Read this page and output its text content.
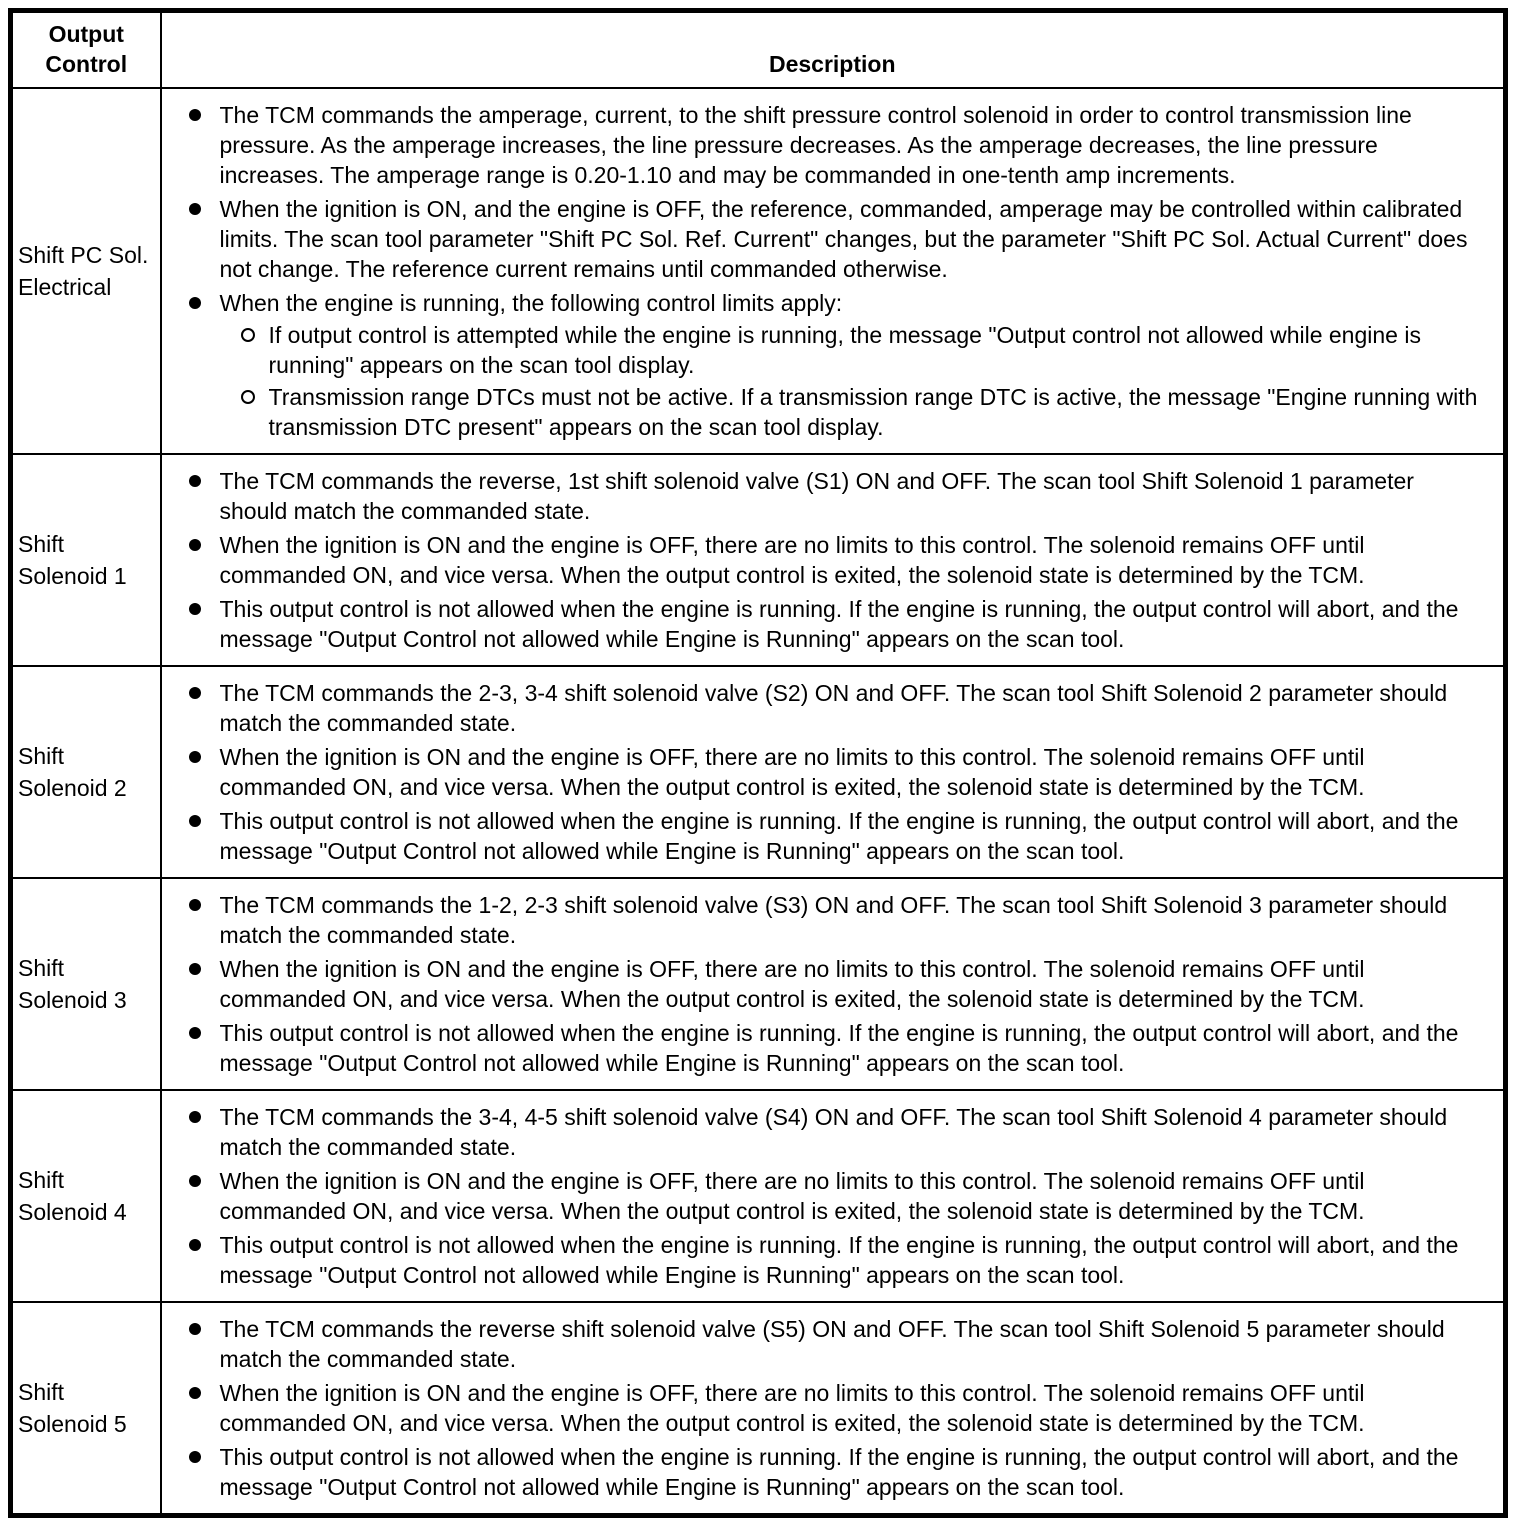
Output Control	Description
Shift PC Sol. Electrical	
The TCM commands the amperage, current, to the shift pressure control solenoid in order to control transmission line pressure. As the amperage increases, the line pressure decreases. As the amperage decreases, the line pressure increases. The amperage range is 0.20-1.10 and may be commanded in one-tenth amp increments.
When the ignition is ON, and the engine is OFF, the reference, commanded, amperage may be controlled within calibrated limits. The scan tool parameter "Shift PC Sol. Ref. Current" changes, but the parameter "Shift PC Sol. Actual Current" does not change. The reference current remains until commanded otherwise.
When the engine is running, the following control limits apply:
If output control is attempted while the engine is running, the message "Output control not allowed while engine is running" appears on the scan tool display.
Transmission range DTCs must not be active. If a transmission range DTC is active, the message "Engine running with transmission DTC present" appears on the scan tool display.

Shift Solenoid 1	
The TCM commands the reverse, 1st shift solenoid valve (S1) ON and OFF. The scan tool Shift Solenoid 1 parameter should match the commanded state.
When the ignition is ON and the engine is OFF, there are no limits to this control. The solenoid remains OFF until commanded ON, and vice versa. When the output control is exited, the solenoid state is determined by the TCM.
This output control is not allowed when the engine is running. If the engine is running, the output control will abort, and the message "Output Control not allowed while Engine is Running" appears on the scan tool.

Shift Solenoid 2	
The TCM commands the 2-3, 3-4 shift solenoid valve (S2) ON and OFF. The scan tool Shift Solenoid 2 parameter should match the commanded state.
When the ignition is ON and the engine is OFF, there are no limits to this control. The solenoid remains OFF until commanded ON, and vice versa. When the output control is exited, the solenoid state is determined by the TCM.
This output control is not allowed when the engine is running. If the engine is running, the output control will abort, and the message "Output Control not allowed while Engine is Running" appears on the scan tool.

Shift Solenoid 3	
The TCM commands the 1-2, 2-3 shift solenoid valve (S3) ON and OFF. The scan tool Shift Solenoid 3 parameter should match the commanded state.
When the ignition is ON and the engine is OFF, there are no limits to this control. The solenoid remains OFF until commanded ON, and vice versa. When the output control is exited, the solenoid state is determined by the TCM.
This output control is not allowed when the engine is running. If the engine is running, the output control will abort, and the message "Output Control not allowed while Engine is Running" appears on the scan tool.

Shift Solenoid 4	
The TCM commands the 3-4, 4-5 shift solenoid valve (S4) ON and OFF. The scan tool Shift Solenoid 4 parameter should match the commanded state.
When the ignition is ON and the engine is OFF, there are no limits to this control. The solenoid remains OFF until commanded ON, and vice versa. When the output control is exited, the solenoid state is determined by the TCM.
This output control is not allowed when the engine is running. If the engine is running, the output control will abort, and the message "Output Control not allowed while Engine is Running" appears on the scan tool.

Shift Solenoid 5	
The TCM commands the reverse shift solenoid valve (S5) ON and OFF. The scan tool Shift Solenoid 5 parameter should match the commanded state.
When the ignition is ON and the engine is OFF, there are no limits to this control. The solenoid remains OFF until commanded ON, and vice versa. When the output control is exited, the solenoid state is determined by the TCM.
This output control is not allowed when the engine is running. If the engine is running, the output control will abort, and the message "Output Control not allowed while Engine is Running" appears on the scan tool.
